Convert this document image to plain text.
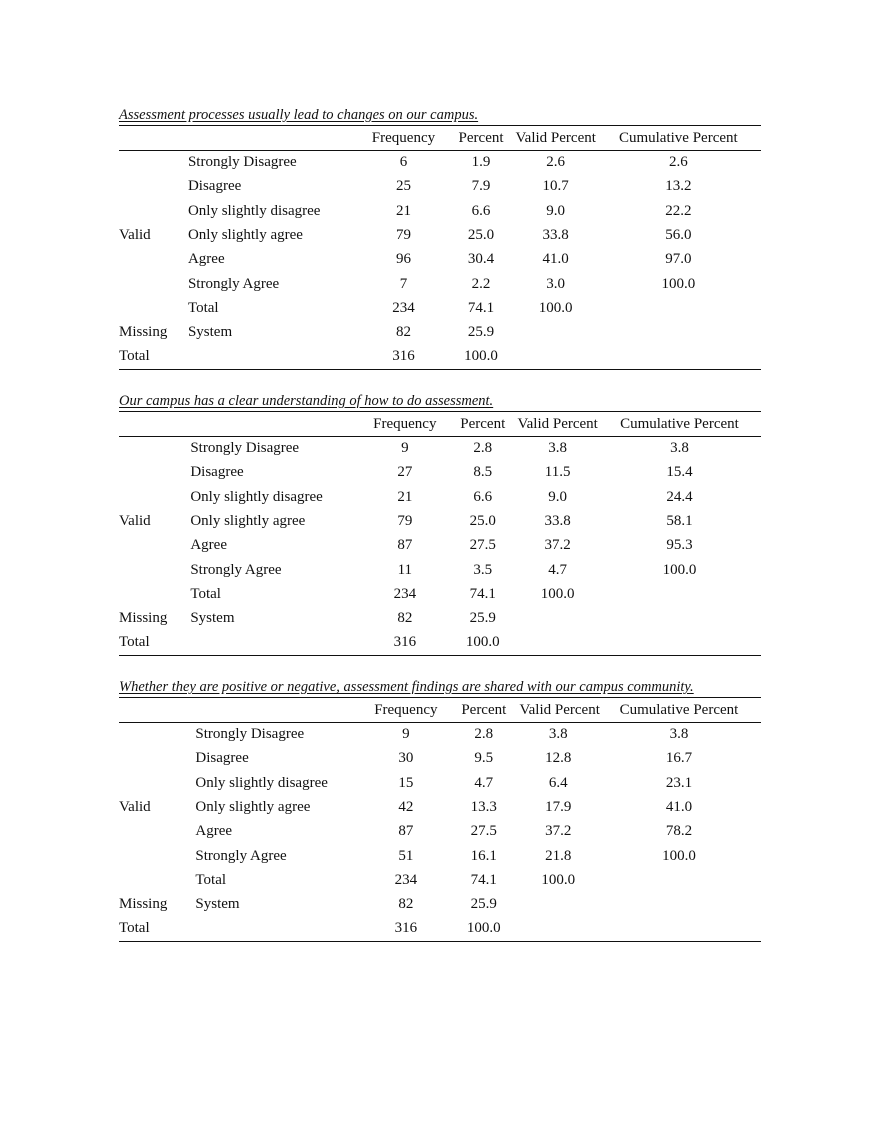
Assessment processes usually lead to changes on our campus.
		Frequency	Percent	Valid Percent	Cumulative Percent
Valid	Strongly Disagree	6	1.9	2.6	2.6
	Disagree	25	7.9	10.7	13.2
	Only slightly disagree	21	6.6	9.0	22.2
	Only slightly agree	79	25.0	33.8	56.0
	Agree	96	30.4	41.0	97.0
	Strongly Agree	7	2.2	3.0	100.0
	Total	234	74.1	100.0	
Missing	System	82	25.9		
Total		316	100.0		
Our campus has a clear understanding of how to do assessment.
		Frequency	Percent	Valid Percent	Cumulative Percent
Valid	Strongly Disagree	9	2.8	3.8	3.8
	Disagree	27	8.5	11.5	15.4
	Only slightly disagree	21	6.6	9.0	24.4
	Only slightly agree	79	25.0	33.8	58.1
	Agree	87	27.5	37.2	95.3
	Strongly Agree	11	3.5	4.7	100.0
	Total	234	74.1	100.0	
Missing	System	82	25.9		
Total		316	100.0		
Whether they are positive or negative, assessment findings are shared with our campus community.
		Frequency	Percent	Valid Percent	Cumulative Percent
Valid	Strongly Disagree	9	2.8	3.8	3.8
	Disagree	30	9.5	12.8	16.7
	Only slightly disagree	15	4.7	6.4	23.1
	Only slightly agree	42	13.3	17.9	41.0
	Agree	87	27.5	37.2	78.2
	Strongly Agree	51	16.1	21.8	100.0
	Total	234	74.1	100.0	
Missing	System	82	25.9		
Total		316	100.0		
